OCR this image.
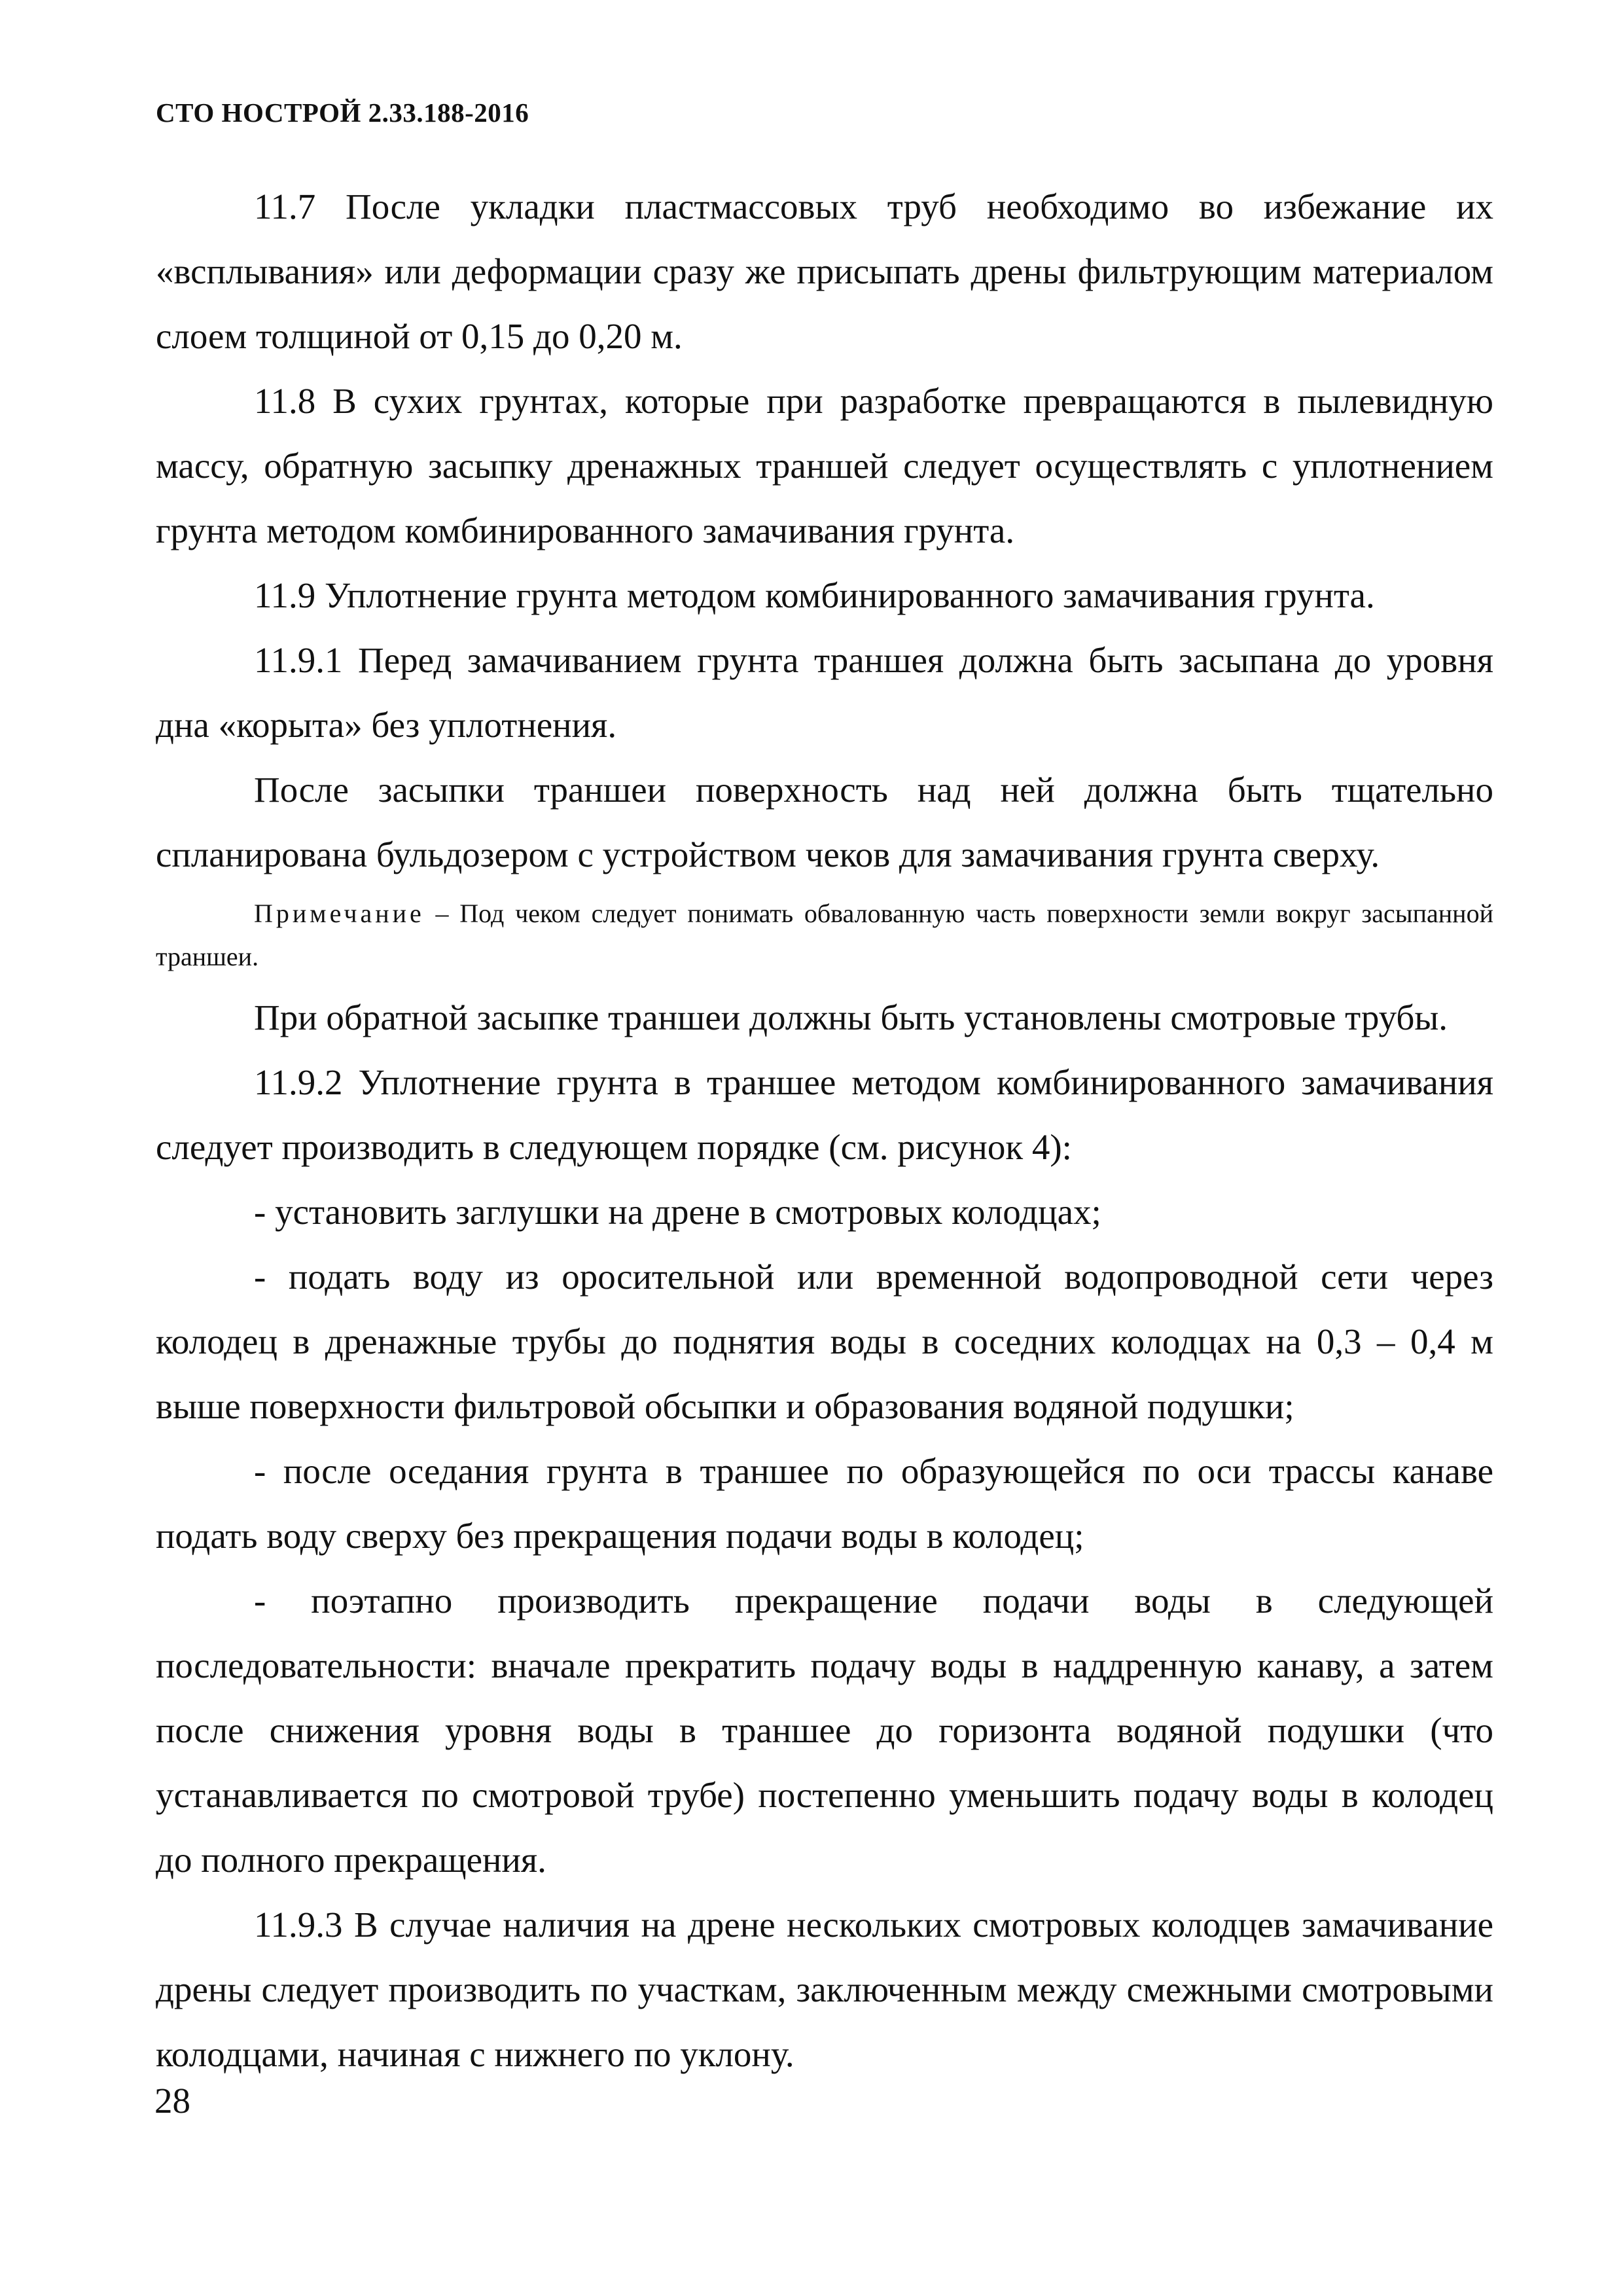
СТО НОСТРОЙ 2.33.188-2016

11.7 После укладки пластмассовых труб необходимо во избежание их «всплывания» или деформации сразу же присыпать дрены фильтрующим материалом слоем толщиной от 0,15 до 0,20 м.

11.8 В сухих грунтах, которые при разработке превращаются в пылевидную массу, обратную засыпку дренажных траншей следует осуществлять с уплотнением грунта методом комбинированного замачивания грунта.

11.9 Уплотнение грунта методом комбинированного замачивания грунта.

11.9.1 Перед замачиванием грунта траншея должна быть засыпана до уровня дна «корыта» без уплотнения.

После засыпки траншеи поверхность над ней должна быть тщательно спланирована бульдозером с устройством чеков для замачивания грунта сверху.

Примечание – Под чеком следует понимать обвалованную часть поверхности земли вокруг засыпанной траншеи.

При обратной засыпке траншеи должны быть установлены смотровые трубы.

11.9.2 Уплотнение грунта в траншее методом комбинированного замачивания следует производить в следующем порядке (см. рисунок 4):

- установить заглушки на дрене в смотровых колодцах;

- подать воду из оросительной или временной водопроводной сети через колодец в дренажные трубы до поднятия воды в соседних колодцах на 0,3 – 0,4 м выше поверхности фильтровой обсыпки и образования водяной подушки;

- после оседания грунта в траншее по образующейся по оси трассы канаве подать воду сверху без прекращения подачи воды в колодец;

- поэтапно производить прекращение подачи воды в следующей последовательности: вначале прекратить подачу воды в наддренную канаву, а затем после снижения уровня воды в траншее до горизонта водяной подушки (что устанавливается по смотровой трубе) постепенно уменьшить подачу воды в колодец до полного прекращения.

11.9.3 В случае наличия на дрене нескольких смотровых колодцев замачивание дрены следует производить по участкам, заключенным между смежными смотровыми колодцами, начиная с нижнего по уклону.

28
